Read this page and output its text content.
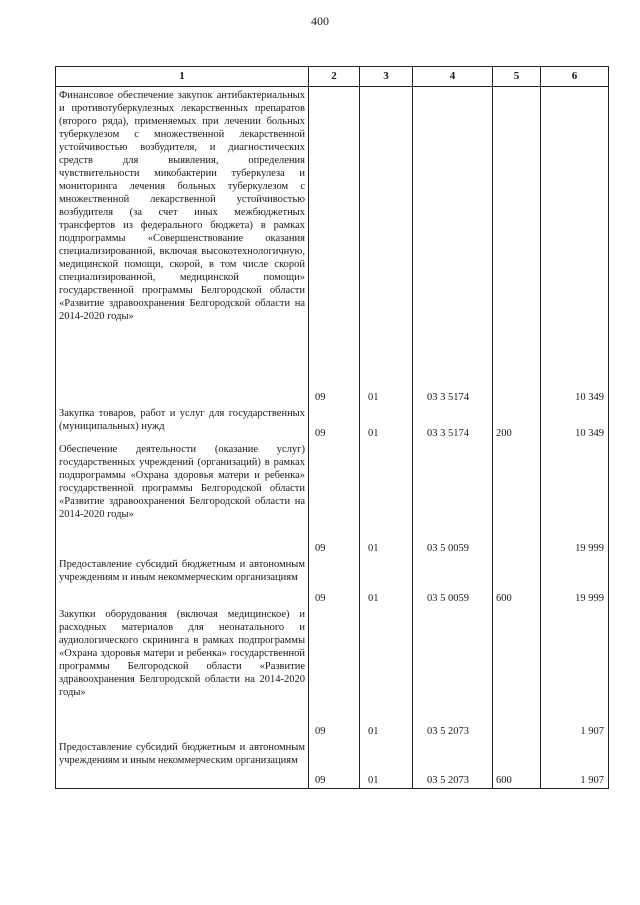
400
1	2	3	4	5	6
Финансовое обеспечение закупок антибактериальных и противотуберкулезных лекарственных препаратов (второго ряда), применяемых при лечении больных туберкулезом с множественной лекарственной устойчивостью возбудителя, и диагностических средств для выявления, определения чувствительности микобактерии туберкулеза и мониторинга лечения больных туберкулезом с множественной лекарственной устойчивостью возбудителя (за счет иных межбюджетных трансфертов из федерального бюджета) в рамках подпрограммы «Совершенствование оказания специализированной, включая высокотехнологичную, медицинской помощи, скорой, в том числе скорой специализированной, медицинской помощи» государственной программы Белгородской области «Развитие здравоохранения Белгородской области на 2014-2020 годы»	09	01	03 3 5174		10 349
Закупка товаров, работ и услуг для государственных (муниципальных) нужд	09	01	03 3 5174	200	10 349
Обеспечение деятельности (оказание услуг) государственных учреждений (организаций) в рамках подпрограммы «Охрана здоровья матери и ребенка» государственной программы Белгородской области «Развитие здравоохранения Белгородской области на 2014-2020 годы»	09	01	03 5 0059		19 999
Предоставление субсидий бюджетным и автономным учреждениям и иным некоммерческим организациям	09	01	03 5 0059	600	19 999
Закупки оборудования (включая медицинское) и расходных материалов для неонатального и аудиологического скрининга в рамках подпрограммы «Охрана здоровья матери и ребенка» государственной программы Белгородской области «Развитие здравоохранения Белгородской области на 2014-2020 годы»	09	01	03 5 2073		1 907
Предоставление субсидий бюджетным и автономным учреждениям и иным некоммерческим организациям	09	01	03 5 2073	600	1 907
